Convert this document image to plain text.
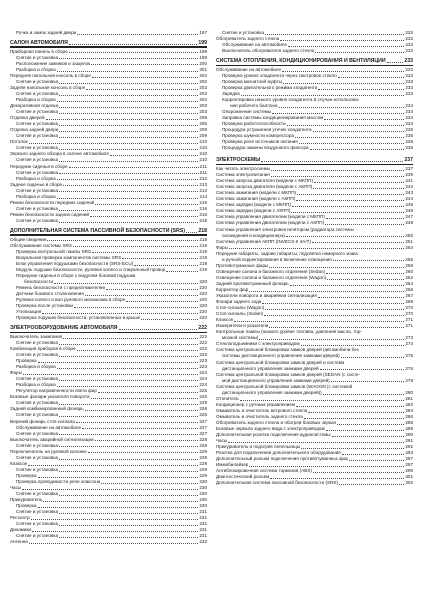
Ручка и замок задней двери	197
САЛОН АВТОМОБИЛЯ	199
Приборная панель в сборе	199
Снятие и установка	199
Расположение зажимов и защелок	200
Разборка и сборка	201
Передняя напольная консоль в сборе	202
Снятие и установка	202
Задняя напольная консоль в сборе	202
Снятие и установка	202
Разборка и сборка	202
Декоративная отделка	203
Снятие и установка	203
Отделка дверей	206
Снятие и установка	206
Отделка задней двери	209
Снятие и установка	209
Потолок	210
Снятие и установка	210
Зеркало заднего обзора в салоне автомобиля	210
Снятие и установка	210
Передние сиденья в сборе	211
Снятие и установка	211
Разборка и сборка	212
Заднее сиденье в сборе	213
Снятие и установка	213
Разборка и сборка	214
Ремни безопасности передних сидений	216
Снятие и установка	216
Ремни безопасности задних сидений	216
Снятие и установка	216
ДОПОЛНИТЕЛЬНАЯ СИСТЕМА ПАССИВНОЙ БЕЗОПАСНОСТИ (SRS)	218
Общие сведения	218
Обслуживание системы SRS	218
Проверка контрольной лампы SRS	219
Визуальная проверка компонентов системы SRS	219
Блок управления подушками безопасности (SRS-ECU)	219
Модуль подушки безопасности, рулевое колесо и спиральный провод	219
Передние сиденья в сборе с модулем боковой подушки
безопасности	220
Ремень безопасности с преднатяжителем	220
Датчики бокового столкновения	220
Рулевое колесо и вал рулевого механизма в сборе	220
Проверка после установки	220
Утилизация	220
Проверка подушек безопасности, установленных в крыше	220
ЭЛЕКТРООБОРУДОВАНИЕ АВТОМОБИЛЯ	222
Выключатель зажигания	222
Снятие и установка	222
Комбинация приборов в сборе	222
Снятие и установка	222
Проверка	223
Разборка и сборка	223
Фары	224
Снятие и установка	224
Разборка и сборка	224
Регулятор направленности света фар	225
Боковые фонари указателя поворота	225
Снятие и установка	225
Задний комбинированный фонарь	226
Снятие и установка	226
Верхний фонарь стоп-сигнала	227
Обслуживание на автомобиле	227
Снятие и установка	227
Выключатель аварийной сигнализации	228
Снятие и установка	228
Переключатель на рулевой колонке	229
Снятие и установка	229
Клаксон	229
Снятие и установка	229
Проверка	229
Проверка проводимости реле клаксона	230
Часы	230
Снятие и установка	230
Прикуриватель	230
Проверка	230
Снятие и установка	231
Рессиотр	231
Снятие и установка	231
Динамики	231
Снятие и установка	231
Антенна	232
Снятие и установка	232
Обогреватель заднего стекла	232
Обслуживание на автомобиле	232
Выключатель обогревателя заднего стекла	232
СИСТЕМА ОТОПЛЕНИЯ, КОНДИЦИОНИРОВАНИЯ И ВЕНТИЛЯЦИИ	233
Обслуживание на автомобиле	233
Проверка уровня хладагента через смотровое стекло	233
Проверка магнитной муфты	233
Проверка двигательного режима хладагента	233
Зарядка	233
Корректировка низкого уровня хладагента в случае использова-
ния рабочего баллона	234
Опорожнение системы	234
Заправка системы кондиционирования маслом	234
Проверка работоспособности	234
Процедура устранения утечек хладагента	235
Проверка шумности компрессора	235
Проверка реле источников питания	236
Процедура замены воздушного фильтра	236
ЭЛЕКТРОСХЕМЫ	237
Как читать электросхемы	237
Система электропитания	239
Система запуска двигателя (модели с МКПП)	241
Система запуска двигателя (модели с АКПП)	242
Система зажигания (модели с МКПП)	243
Система зажигания (модели с АКПП)	244
Система зарядки (модели с МКПП)	245
Система зарядки (модели с АКПП)	246
Система управления двигателем (модели с МКПП)	247
Система управления двигателем (модели с АКПП)	248
Система управления электровентилятором (радиатора системы
охлаждения и кондиционера)	250
Система управления АКПП (INVECS-II 4A/T)	251
Фары	254
Передние габариты, задние габариты, подсветка номерного знака
и ручной корректирования в включение освещения	256
Противотуманные фары	259
Освещение салона и багажного отделения (Sedan)	260
Освещение салона и багажного отделения (Wagon)	262
Задний противотуманный фонарь	264
Корректор фар	266
Указатели поворота и аварийная сигнализация	267
Фонари заднего хода	269
Стоп-сигналы (Wagon)	270
Стоп-сигналы (Sedan)	270
Клаксон	271
Измерители и указатели	271
Контрольные лампы (низкого уровня топлива, давления масла, тор-
мозной системы)	273
Стеклоподъемники с электроприводом	274
Система центральной блокировки замков дверей (автомобили без
системы дистанционного управления замками дверей)	275
Система центральной блокировки замков дверей и система
дистанционного управления замками дверей	276
Система центральной блокировки замков дверей (SEDAN (с систе-
мой дистанционного управления замками дверей)	278
Система центральной блокировки замков (WAGON (с системой
дистанционного управления замками дверей))	280
Отопитель	281
Кондиционер с ручным управлением	282
Омыватель и очиститель ветрового стекла	284
Омыватель и очиститель заднего стекла	286
Обогреватель заднего стекла и обогрев боковых зеркал	288
Боковые зеркала заднего вида с электроприводом	289
Дополнительная розетка подключения аудиосистемы	290
Часы	291
Прикуриватель и подогрев пепельницы	292
Розетка для подключения дополнительного оборудования	293
Дополнительный разъем подключения противотуманных фар	297
Иммобилайзер	297
Антиблокировочная система тормозов (ABS)	298
Диагностический разъем	301
Дополнительная система пассивной безопасности (SRS)	302
